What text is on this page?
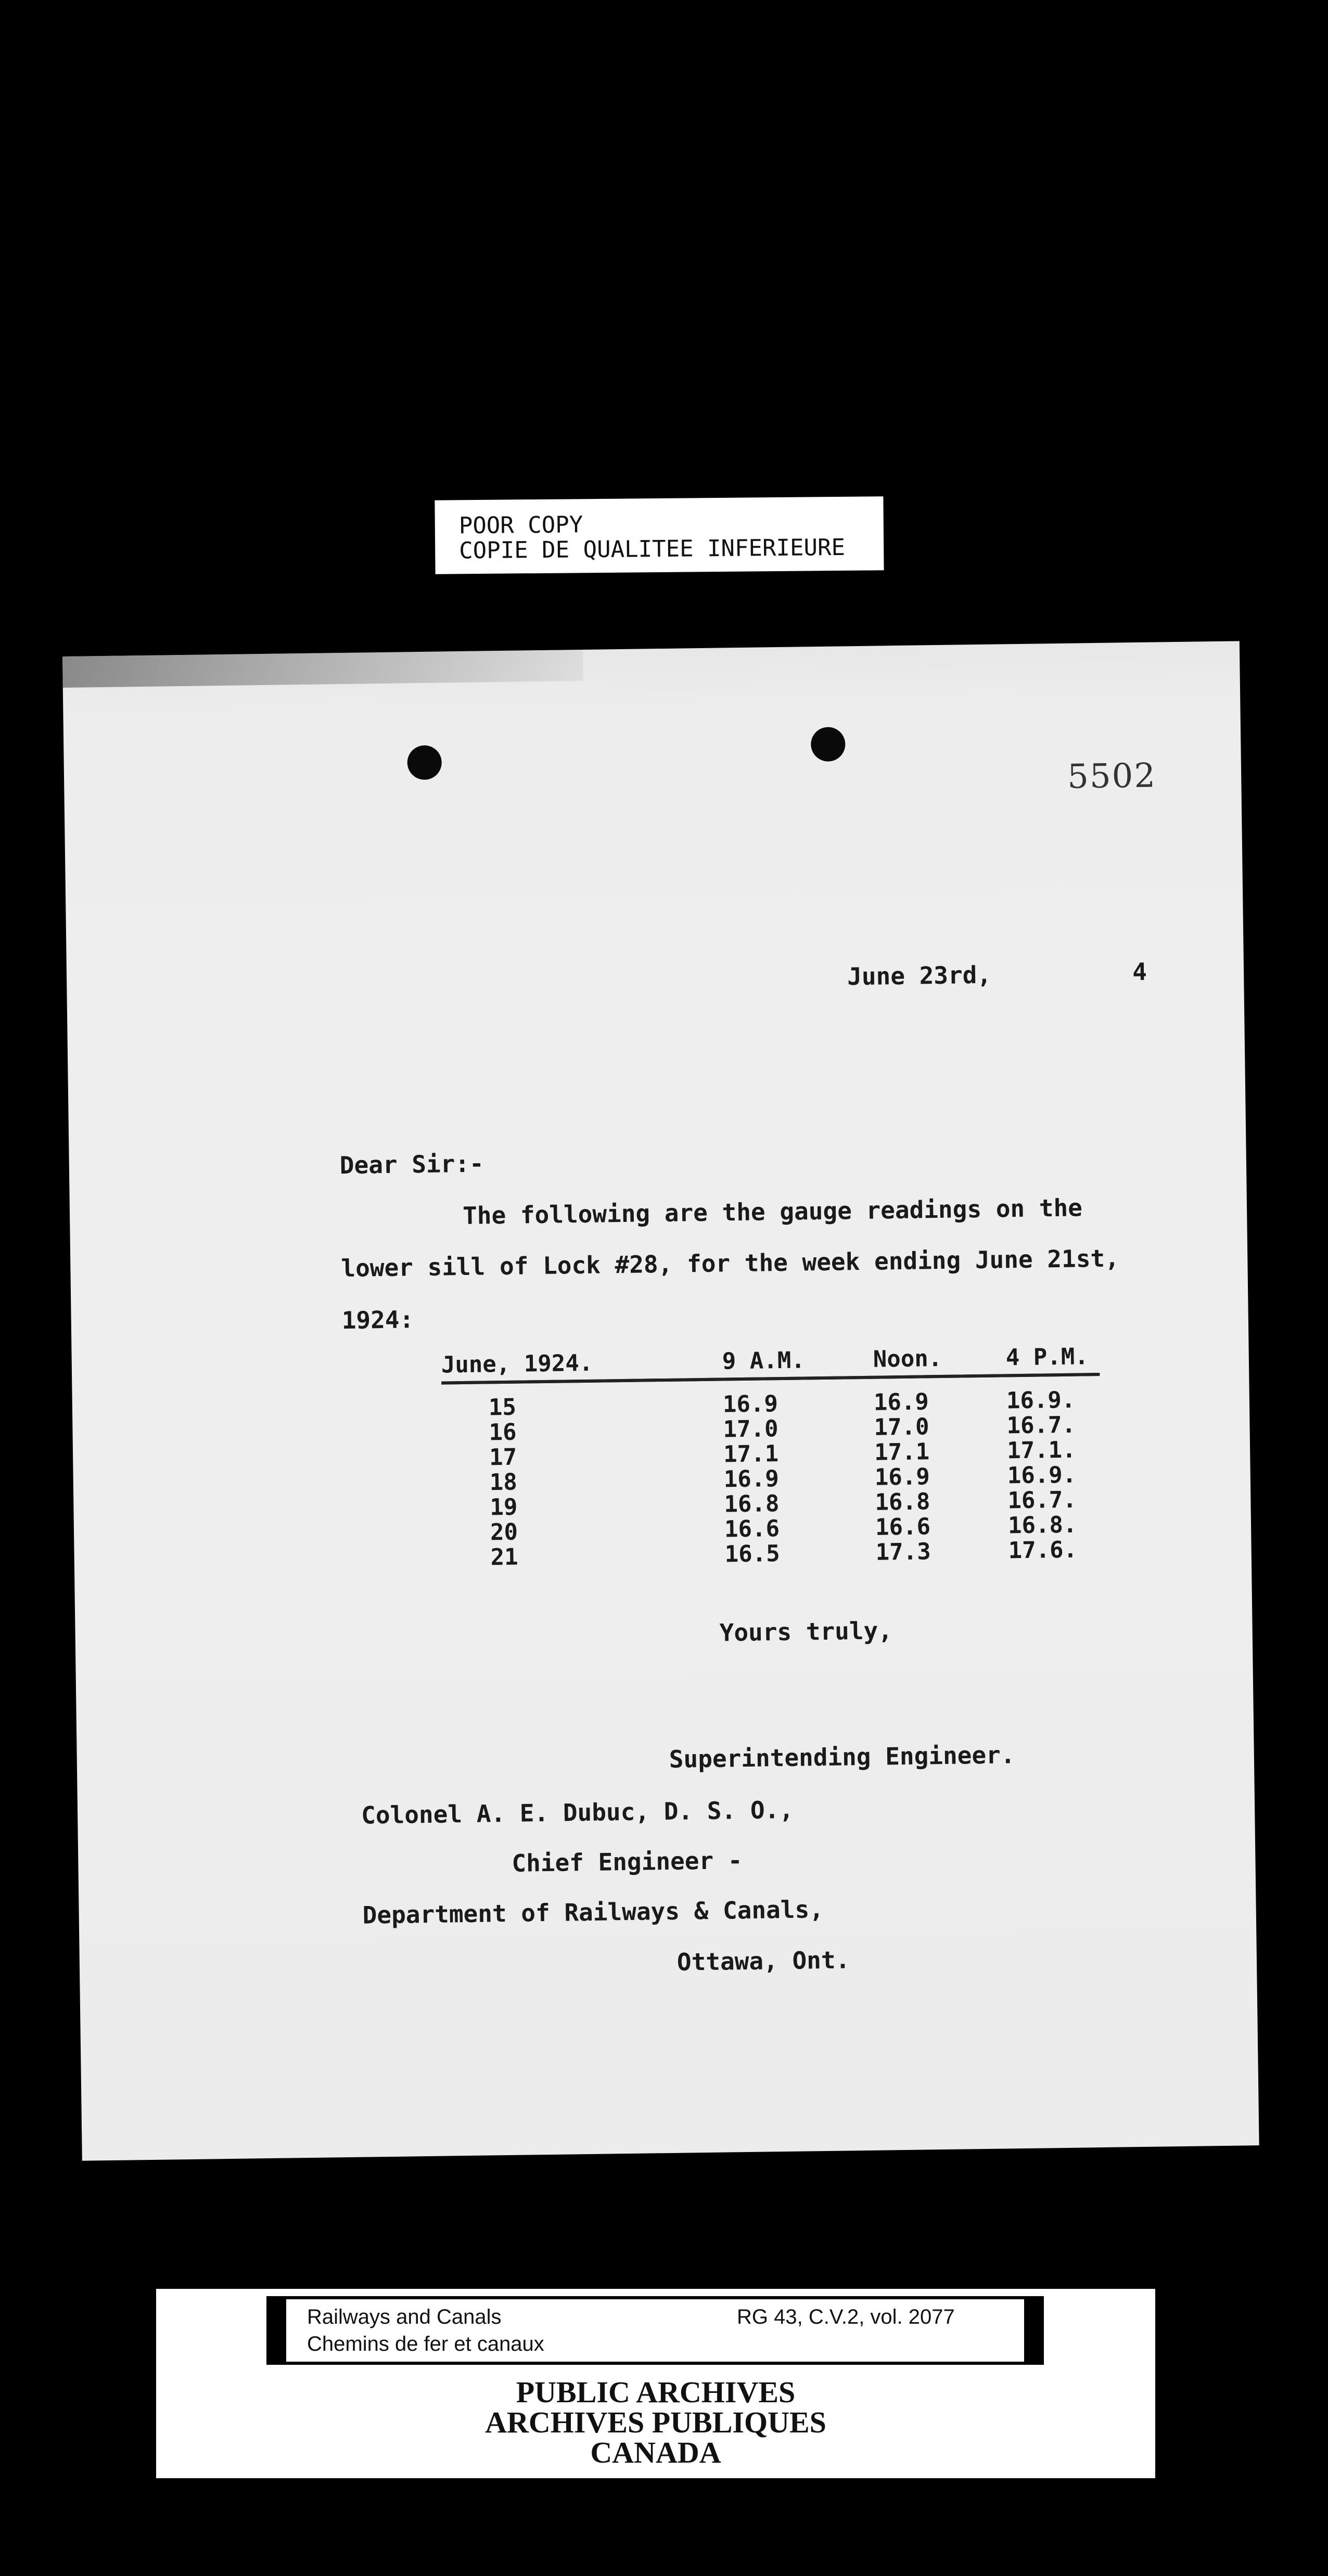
POOR COPY
COPIE DE QUALITEE INFERIEURE
5502
June 23rd,	4
Dear Sir:-
The following are the gauge readings on the
lower sill of Lock #28, for the week ending June 21st,
1924:
June, 1924.	9 A.M.	Noon.	4 P.M.
15	16.9	16.9	16.9.
16	17.0	17.0	16.7.
17	17.1	17.1	17.1.
18	16.9	16.9	16.9.
19	16.8	16.8	16.7.
20	16.6	16.6	16.8.
21	16.5	17.3	17.6.
Yours truly,
Superintending Engineer.
Colonel A. E. Dubuc, D. S. O.,
Chief Engineer -
Department of Railways & Canals,
Ottawa, Ont.
Railways and Canals
Chemins de fer et canaux
RG 43, C.V.2, vol. 2077
PUBLIC ARCHIVES
ARCHIVES PUBLIQUES
CANADA
